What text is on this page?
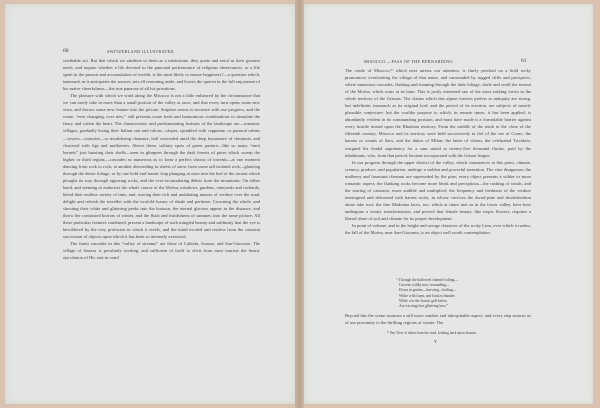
60	SWITZERLAND ILLUSTRATED.

creditable act. But that which we attribute to them as a misfortune, they quote and extol as their greatest merit, and inquire whether a life devoted to the punctual performance of religious observances, or a life spent in the pursuit and accumulation of wealth, is the most likely to ensure happiness?—a question which, inasmuch as it anticipates the answer, sets all reasoning aside, and leaves the querist in the full enjoyment of his native cheerfulness—the true panacea of all his privations.

The pleasure with which we wind along the Misocco is not a little enhanced by the circumstance that we can rarely take in more than a small portion of the valley at once, and that every turn opens some new vista, and throws some new feature into the picture. Surprise seems to increase with our progress, and the scene, “ever changing, ever new,” still presents some fresh and harmonious combinations to stimulate the fancy and soften the heart. The characteristic and predominating features of the landscape are—romantic villages, gradually losing their Italian cast and colour—slopes, sprinkled with cappanne, or pastoral cabins—towers—oratories—or mouldering chateaux, half concealed amid the deep luxuriance of chestnuts, and clustered with figs and mulberries. Above these, solitary spots of green pasture—like so many “emit kernels” just bursting their shells—seen in glimpses through the dark forests of pines which sweep the higher or third region;—cascades so numerous as to form a perfect chorus of torrents—at one moment dancing from rock to rock, at another descending in sheets of snow from some tall isolated rock—glancing through the dense foliage, or by one bold and frantic leap plunging at once into the bed of the torrent which ploughs its way through opposing rocks, and the ever-accumulating débris from the mountains. On either hand, and seeming to embower the whole course of the Moësa, meadows, gardens, vineyards and orchards, blend their endless variety of tints, and, waving their rich and undulating masses of verdure over the road, delight and refresh the traveller with the twofold luxury of shade and perfume. Crowning the whole, and shooting their white and glittering peaks into the horizon, the eternal glaciers appear in the distance, and throw the contrasted horrors of winter, and the flush and fruitfulness of summer, into the same picture. All these particular features combined, present a landscape of such mingled beauty and sublimity that the eye is bewildered by the very profusion in which it revels, and the mind excited and restless from the constant succession of objects upon which it has been so intensely exercised.

The finest cascades in this “valley of streams” are those of Cabiola, Soazza, and San-Giacomo. The village of Soazza is peculiarly inviting, and sufficient of itself to elicit from most tourists the hearty ejaculation of Hic erat in votis!

MISOCCO.—PASS OF THE BERNARDINO.	61

The castle of Misocco,* which next arrests our attention, is finely perched on a bold rocky promontory overlooking the village of that name, and surrounded by rugged cliffs and precipices, where numerous cascades, flashing and foaming through the dark foliage, chafe and swell the torrent of the Moësa, which roars at its base. This is justly esteemed one of the most striking views in the whole territory of the Grisons. The claims which this alpine fortress prefers to antiquity are strong, but indefinite; inasmuch as its original lord, and the period of its erection, are subjects of merely plausible conjecture: but the warlike purpose to which, in remote times, it has been applied, is abundantly evident in its commanding position, and must have made it a formidable barrier against every hostile inroad upon the Rhaetian territory. From the middle of the tenth to the close of the fifteenth century, Misocco and its territory were held successively in fief of the see of Como, the barons or counts of Sacs, and the dukes of Milan; the latter of whom, the celebrated Trivulzio, resigned his feudal supremacy for a sum stated at twenty-five thousand florins, paid by the inhabitants, who, from that period, became incorporated with the Grison league.

In our progress through the upper district of the valley, which commences at this point, climate, scenery, produce, and population, undergo a sudden and powerful transition. The vine disappears; the mulberry and luxuriant chestnut are superseded by the pine; every object presents a wilder or more romantic aspect; the flanking rocks become more bleak and precipitous—the rushing of winds, and the roaring of cataracts, more audible and multiplied; the frequency and freshness of the verdure interrupted and deformed with barren rocks, in whose crevices the dwarf-pine and rhododendron alone take root: the fine Madonna faces, too, which at times met us in the lower valley, have here undergone a wintry transformation, and proved that female beauty, like tropic flowers, requires a liberal share of soil and climate for its proper development.

In point of volume, and in the height and savage character of the rocky Linn, over which it rushes, the fall of the Moësa, near San-Giacomo, is an object well worth contemplation.

“ Through the hollowed channel rolling—
Caverns wildly now resounding—
Down in gushes—bursting—boiling—
White with foam, and loud as thunder
While o'er the frantic gulf below
Are iris rings her glittering bow.”

Beyond this the scene assumes a still more sombre and inhospitable aspect, and every step assures us of our proximity to the thrilling regions of winter. The

* Our View is taken from the road, looking back upon Soazza.
Y
